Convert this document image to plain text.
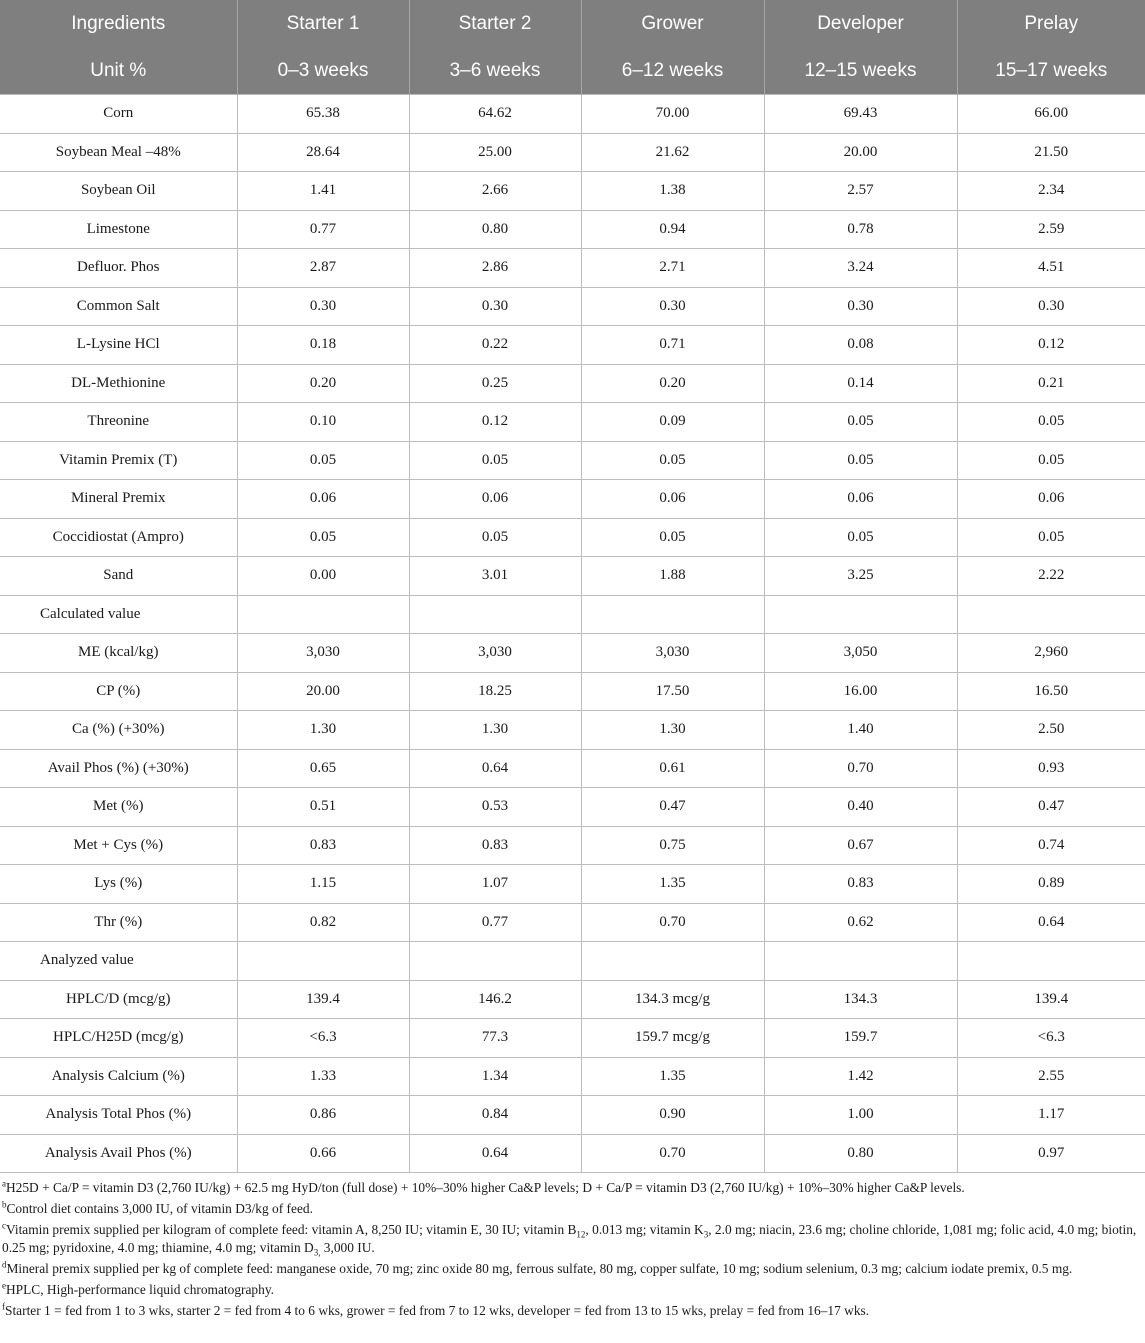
Ingredients	Starter 1	Starter 2	Grower	Developer	Prelay
Unit %	0–3 weeks	3–6 weeks	6–12 weeks	12–15 weeks	15–17 weeks
Corn	65.38	64.62	70.00	69.43	66.00
Soybean Meal –48%	28.64	25.00	21.62	20.00	21.50
Soybean Oil	1.41	2.66	1.38	2.57	2.34
Limestone	0.77	0.80	0.94	0.78	2.59
Defluor. Phos	2.87	2.86	2.71	3.24	4.51
Common Salt	0.30	0.30	0.30	0.30	0.30
L-Lysine HCl	0.18	0.22	0.71	0.08	0.12
DL-Methionine	0.20	0.25	0.20	0.14	0.21
Threonine	0.10	0.12	0.09	0.05	0.05
Vitamin Premix (T)	0.05	0.05	0.05	0.05	0.05
Mineral Premix	0.06	0.06	0.06	0.06	0.06
Coccidiostat (Ampro)	0.05	0.05	0.05	0.05	0.05
Sand	0.00	3.01	1.88	3.25	2.22
Calculated value					
ME (kcal/kg)	3,030	3,030	3,030	3,050	2,960
CP (%)	20.00	18.25	17.50	16.00	16.50
Ca (%) (+30%)	1.30	1.30	1.30	1.40	2.50
Avail Phos (%) (+30%)	0.65	0.64	0.61	0.70	0.93
Met (%)	0.51	0.53	0.47	0.40	0.47
Met + Cys (%)	0.83	0.83	0.75	0.67	0.74
Lys (%)	1.15	1.07	1.35	0.83	0.89
Thr (%)	0.82	0.77	0.70	0.62	0.64
Analyzed value					
HPLC/D (mcg/g)	139.4	146.2	134.3 mcg/g	134.3	139.4
HPLC/H25D (mcg/g)	<6.3	77.3	159.7 mcg/g	159.7	<6.3
Analysis Calcium (%)	1.33	1.34	1.35	1.42	2.55
Analysis Total Phos (%)	0.86	0.84	0.90	1.00	1.17
Analysis Avail Phos (%)	0.66	0.64	0.70	0.80	0.97

$^a$H25D + Ca/P = vitamin D3 (2,760 IU/kg) + 62.5 mg HyD/ton (full dose) + 10%–30% higher Ca&P levels; D + Ca/P = vitamin D3 (2,760 IU/kg) + 10%–30% higher Ca&P levels.

$^b$Control diet contains 3,000 IU, of vitamin D3/kg of feed.

$^c$Vitamin premix supplied per kilogram of complete feed: vitamin A, 8,250 IU; vitamin E, 30 IU; vitamin $B_{12}$, 0.013 mg; vitamin $K_3$, 2.0 mg; niacin, 23.6 mg; choline chloride, 1,081 mg; folic acid, 4.0 mg; biotin, 0.25 mg; pyridoxine, 4.0 mg; thiamine, 4.0 mg; vitamin $D_{3,}$ 3,000 IU.

$^d$Mineral premix supplied per kg of complete feed: manganese oxide, 70 mg; zinc oxide 80 mg, ferrous sulfate, 80 mg, copper sulfate, 10 mg; sodium selenium, 0.3 mg; calcium iodate premix, 0.5 mg.

$^e$HPLC, High-performance liquid chromatography.

$^f$Starter 1 = fed from 1 to 3 wks, starter 2 = fed from 4 to 6 wks, grower = fed from 7 to 12 wks, developer = fed from 13 to 15 wks, prelay = fed from 16–17 wks.
